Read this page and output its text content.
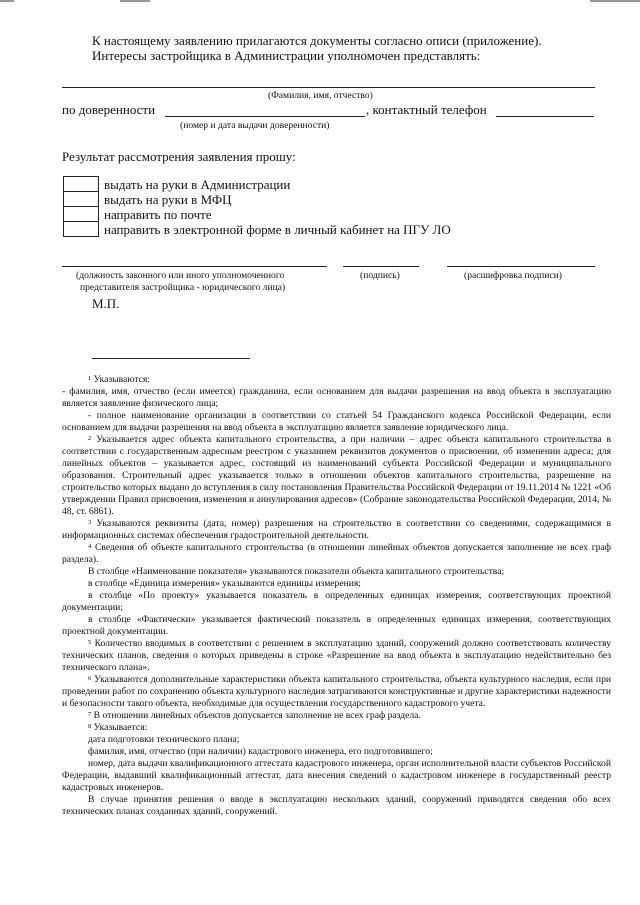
К настоящему заявлению прилагаются документы согласно описи (приложение).
Интересы застройщика в Администрации уполномочен представлять:
(Фамилия, имя, отчество)
по доверенности	, контактный телефон
(номер и дата выдачи доверенности)
Результат рассмотрения заявления прошу:
выдать на руки в Администрации
выдать на руки в МФЦ
направить по почте
направить в электронной форме в личный кабинет на ПГУ ЛО
(должность законного или иного уполномоченного
представителя застройщика - юридического лица)
(подпись)	(расшифровка подписи)
М.П.

$^1$ Указываются:

- фамилия, имя, отчество (если имеется) гражданина, если основанием для выдачи разрешения на ввод объекта в эксплуатацию является заявление физического лица;

- полное наименование организации в соответствии со статьей 54 Гражданского кодекса Российской Федерации, если основанием для выдачи разрешения на ввод объекта в эксплуатацию является заявление юридического лица.

$^2$ Указывается адрес объекта капитального строительства, а при наличии – адрес объекта капитального строительства в соответствии с государственным адресным реестром с указанием реквизитов документов о присвоении, об изменении адреса; для линейных объектов – указывается адрес, состоящий из наименований субъекта Российской Федерации и муниципального образования. Строительный адрес указывается только в отношении объектов капитального строительства, разрешение на строительство которых выдано до вступления в силу постановления Правительства Российской Федерации от 19.11.2014 № 1221 «Об утверждении Правил присвоения, изменения и аннулирования адресов» (Собрание законодательства Российской Федерации, 2014, № 48, ст. 6861).

$^3$ Указываются реквизиты (дата, номер) разрешения на строительство в соответствии со сведениями, содержащимися в информационных системах обеспечения градостроительной деятельности.

$^4$ Сведения об объекте капитального строительства (в отношении линейных объектов допускается заполнение не всех граф раздела).

В столбце «Наименование показателя» указываются показатели объекта капитального строительства;

в столбце «Единица измерения» указываются единицы измерения;

в столбце «По проекту» указывается показатель в определенных единицах измерения, соответствующих проектной документации;

в столбце «Фактически» указывается фактический показатель в определенных единицах измерения, соответствующих проектной документации.

$^5$ Количество вводимых в соответствии с решением в эксплуатацию зданий, сооружений должно соответствовать количеству технических планов, сведения о которых приведены в строке «Разрешение на ввод объекта в эксплуатацию недействительно без технического плана».

$^6$ Указываются дополнительные характеристики объекта капитального строительства, объекта культурного наследия, если при проведении работ по сохранению объекта культурного наследия затрагиваются конструктивные и другие характеристики надежности и безопасности такого объекта, необходимые для осуществления государственного кадастрового учета.

$^7$ В отношении линейных объектов допускается заполнение не всех граф раздела.

$^8$ Указывается:

дата подготовки технического плана;

фамилия, имя, отчество (при наличии) кадастрового инженера, его подготовившего;

номер, дата выдачи квалификационного аттестата кадастрового инженера, орган исполнительной власти субъектов Российской Федерации, выдавший квалификационный аттестат, дата внесения сведений о кадастровом инженере в государственный реестр кадастровых инженеров.

В случае принятия решения о вводе в эксплуатацию нескольких зданий, сооружений приводятся сведения обо всех технических планах созданных зданий, сооружений.
